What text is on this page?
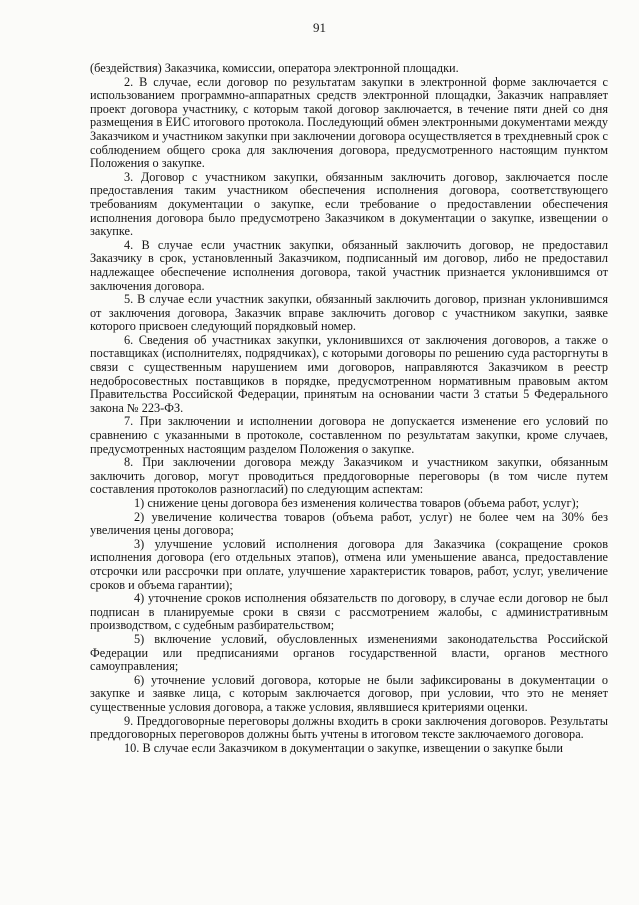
91

(бездействия) Заказчика, комиссии, оператора электронной площадки.

2. В случае, если договор по результатам закупки в электронной форме заключается с использованием программно-аппаратных средств электронной площадки, Заказчик направляет проект договора участнику, с которым такой договор заключается, в течение пяти дней со дня размещения в ЕИС итогового протокола. Последующий обмен электронными документами между Заказчиком и участником закупки при заключении договора осуществляется в трехдневный срок с соблюдением общего срока для заключения договора, предусмотренного настоящим пунктом Положения о закупке.

3. Договор с участником закупки, обязанным заключить договор, заключается после предоставления таким участником обеспечения исполнения договора, соответствующего требованиям документации о закупке, если требование о предоставлении обеспечения исполнения договора было предусмотрено Заказчиком в документации о закупке, извещении о закупке.

4. В случае если участник закупки, обязанный заключить договор, не предоставил Заказчику в срок, установленный Заказчиком, подписанный им договор, либо не предоставил надлежащее обеспечение исполнения договора, такой участник признается уклонившимся от заключения договора.

5. В случае если участник закупки, обязанный заключить договор, признан уклонившимся от заключения договора, Заказчик вправе заключить договор с участником закупки, заявке которого присвоен следующий порядковый номер.

6. Сведения об участниках закупки, уклонившихся от заключения договоров, а также о поставщиках (исполнителях, подрядчиках), с которыми договоры по решению суда расторгнуты в связи с существенным нарушением ими договоров, направляются Заказчиком в реестр недобросовестных поставщиков в порядке, предусмотренном нормативным правовым актом Правительства Российской Федерации, принятым на основании части 3 статьи 5 Федерального закона № 223-ФЗ.

7. При заключении и исполнении договора не допускается изменение его условий по сравнению с указанными в протоколе, составленном по результатам закупки, кроме случаев, предусмотренных настоящим разделом Положения о закупке.

8. При заключении договора между Заказчиком и участником закупки, обязанным заключить договор, могут проводиться преддоговорные переговоры (в том числе путем составления протоколов разногласий) по следующим аспектам:

1) снижение цены договора без изменения количества товаров (объема работ, услуг);

2) увеличение количества товаров (объема работ, услуг) не более чем на 30% без увеличения цены договора;

3) улучшение условий исполнения договора для Заказчика (сокращение сроков исполнения договора (его отдельных этапов), отмена или уменьшение аванса, предоставление отсрочки или рассрочки при оплате, улучшение характеристик товаров, работ, услуг, увеличение сроков и объема гарантии);

4) уточнение сроков исполнения обязательств по договору, в случае если договор не был подписан в планируемые сроки в связи с рассмотрением жалобы, с административным производством, с судебным разбирательством;

5) включение условий, обусловленных изменениями законодательства Российской Федерации или предписаниями органов государственной власти, органов местного самоуправления;

6) уточнение условий договора, которые не были зафиксированы в документации о закупке и заявке лица, с которым заключается договор, при условии, что это не меняет существенные условия договора, а также условия, являвшиеся критериями оценки.

9. Преддоговорные переговоры должны входить в сроки заключения договоров. Результаты преддоговорных переговоров должны быть учтены в итоговом тексте заключаемого договора.

10. В случае если Заказчиком в документации о закупке, извещении о закупке были
